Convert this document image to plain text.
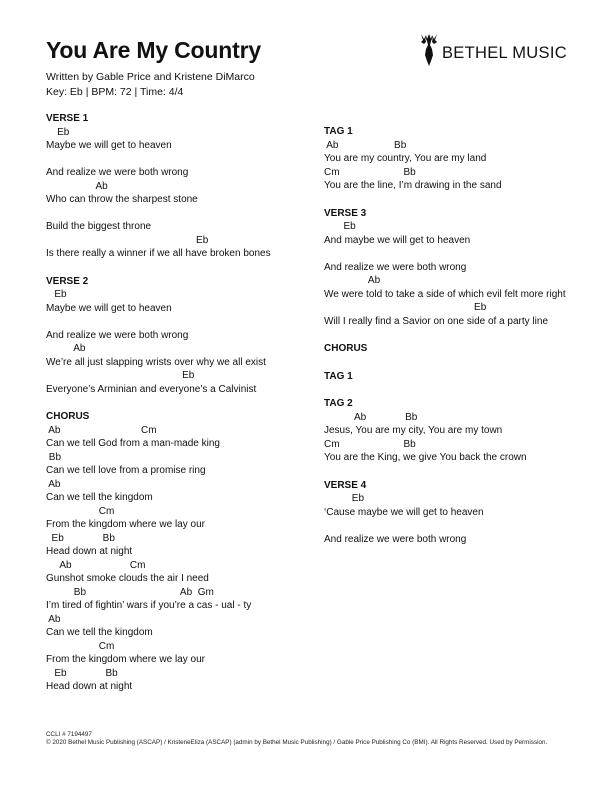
You Are My Country
Written by Gable Price and Kristene DiMarco
Key: Eb | BPM: 72 | Time: 4/4
BETHEL MUSIC
VERSE 1
Eb
Maybe we will get to heaven
And realize we were both wrong
Ab
Who can throw the sharpest stone
Build the biggest throne
Eb
Is there really a winner if we all have broken bones
VERSE 2
Eb
Maybe we will get to heaven
And realize we were both wrong
Ab
We’re all just slapping wrists over why we all exist
Eb
Everyone’s Arminian and everyone’s a Calvinist
CHORUS
Ab                             Cm
Can we tell God from a man-made king
Bb
Can we tell love from a promise ring
Ab
Can we tell the kingdom
Cm
From the kingdom where we lay our
Eb              Bb
Head down at night
Ab                     Cm
Gunshot smoke clouds the air I need
Bb                                  Ab  Gm
I’m tired of fightin’ wars if you’re a cas - ual - ty
Ab
Can we tell the kingdom
Cm
From the kingdom where we lay our
Eb              Bb
Head down at night
TAG 1
Ab                    Bb
You are my country, You are my land
Cm                       Bb
You are the line, I’m drawing in the sand
VERSE 3
Eb
And maybe we will get to heaven
And realize we were both wrong
Ab
We were told to take a side of which evil felt more right
Eb
Will I really find a Savior on one side of a party line
CHORUS
TAG 1
TAG 2
Ab              Bb
Jesus, You are my city, You are my town
Cm                       Bb
You are the King, we give You back the crown
VERSE 4
Eb
‘Cause maybe we will get to heaven
And realize we were both wrong
CCLI # 7194497
© 2020 Bethel Music Publishing (ASCAP) / KristeneEliza (ASCAP) (admin by Bethel Music Publishing) / Gable Price Publishing Co (BMI). All Rights Reserved. Used by Permission.
